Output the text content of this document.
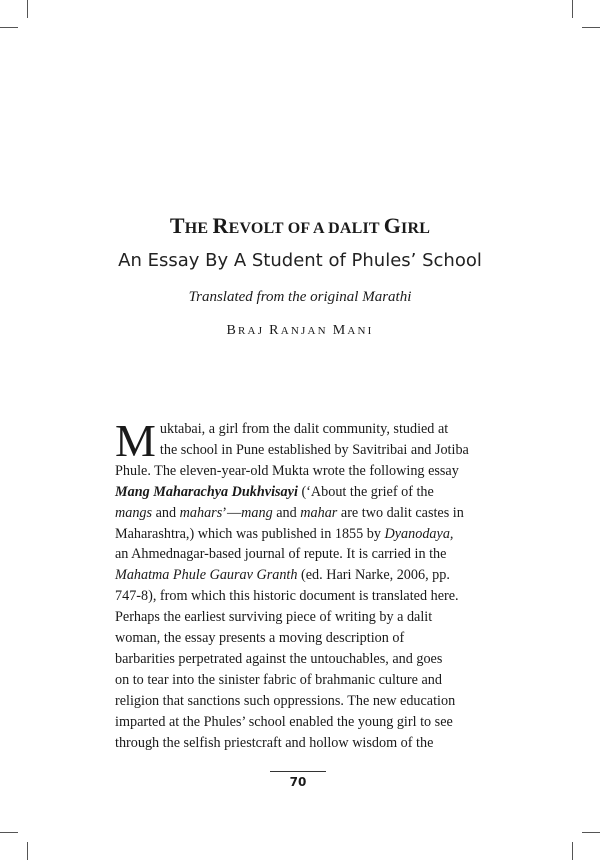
THE REVOLT OF A DALIT GIRL
An Essay By A Student of Phules’ School
Translated from the original Marathi
BRAJ RANJAN MANI
M uktabai, a girl from the dalit community, studied at
the school in Pune established by Savitribai and Jotiba
Phule. The eleven-year-old Mukta wrote the following essay
Mang Maharachya Dukhvisayi (‘About the grief of the
mangs and mahars’—mang and mahar are two dalit castes in
Maharashtra,) which was published in 1855 by Dyanodaya,
an Ahmednagar-based journal of repute. It is carried in the
Mahatma Phule Gaurav Granth (ed. Hari Narke, 2006, pp.
747-8), from which this historic document is translated here.
Perhaps the earliest surviving piece of writing by a dalit
woman, the essay presents a moving description of
barbarities perpetrated against the untouchables, and goes
on to tear into the sinister fabric of brahmanic culture and
religion that sanctions such oppressions. The new education
imparted at the Phules’ school enabled the young girl to see
through the selfish priestcraft and hollow wisdom of the
70
